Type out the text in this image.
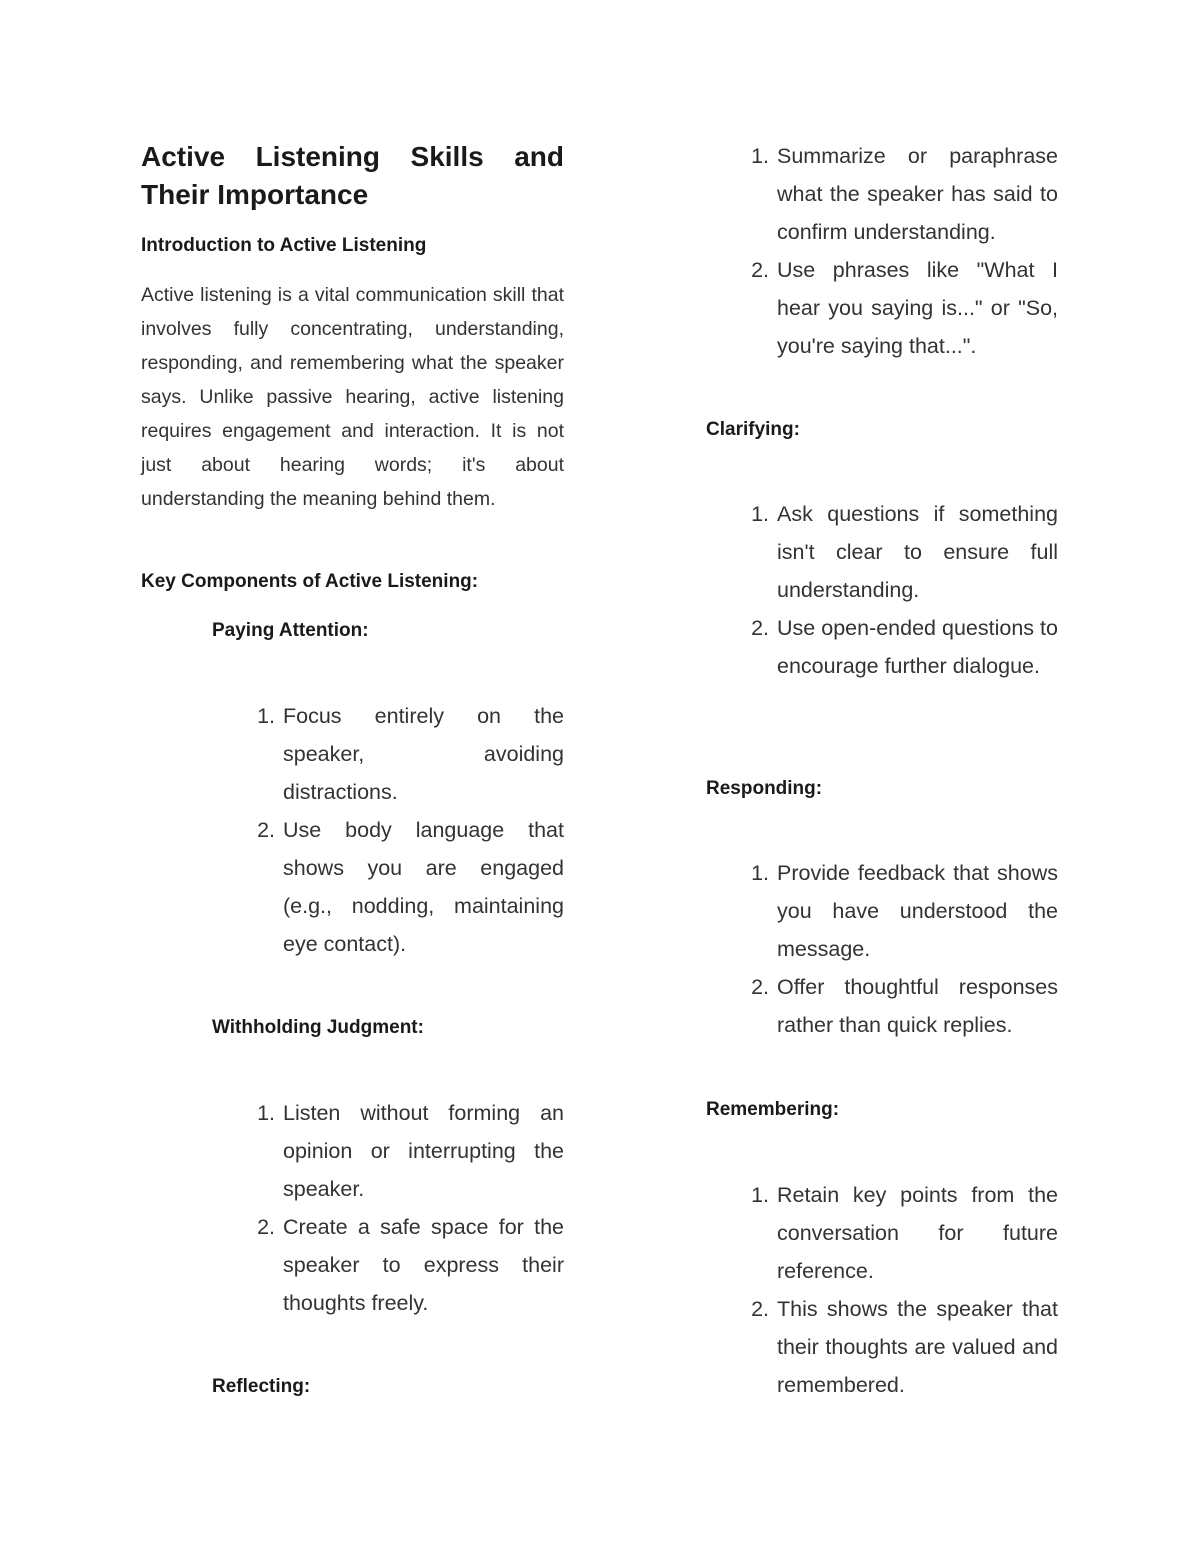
Active Listening Skills and Their Importance
Introduction to Active Listening

Active listening is a vital communication skill that involves fully concentrating, understanding, responding, and remembering what the speaker says. Unlike passive hearing, active listening requires engagement and interaction. It is not just about hearing words; it's about understanding the meaning behind them.

Key Components of Active Listening:
Paying Attention:
1. Focus entirely on the speaker, avoiding distractions.
2. Use body language that shows you are engaged (e.g., nodding, maintaining eye contact).
Withholding Judgment:
1. Listen without forming an opinion or interrupting the speaker.
2. Create a safe space for the speaker to express their thoughts freely.
Reflecting:
1. Summarize or paraphrase what the speaker has said to confirm understanding.
2. Use phrases like "What I hear you saying is..." or "So, you're saying that...".
Clarifying:
1. Ask questions if something isn't clear to ensure full understanding.
2. Use open-ended questions to encourage further dialogue.
Responding:
1. Provide feedback that shows you have understood the message.
2. Offer thoughtful responses rather than quick replies.
Remembering:
1. Retain key points from the conversation for future reference.
2. This shows the speaker that their thoughts are valued and remembered.
